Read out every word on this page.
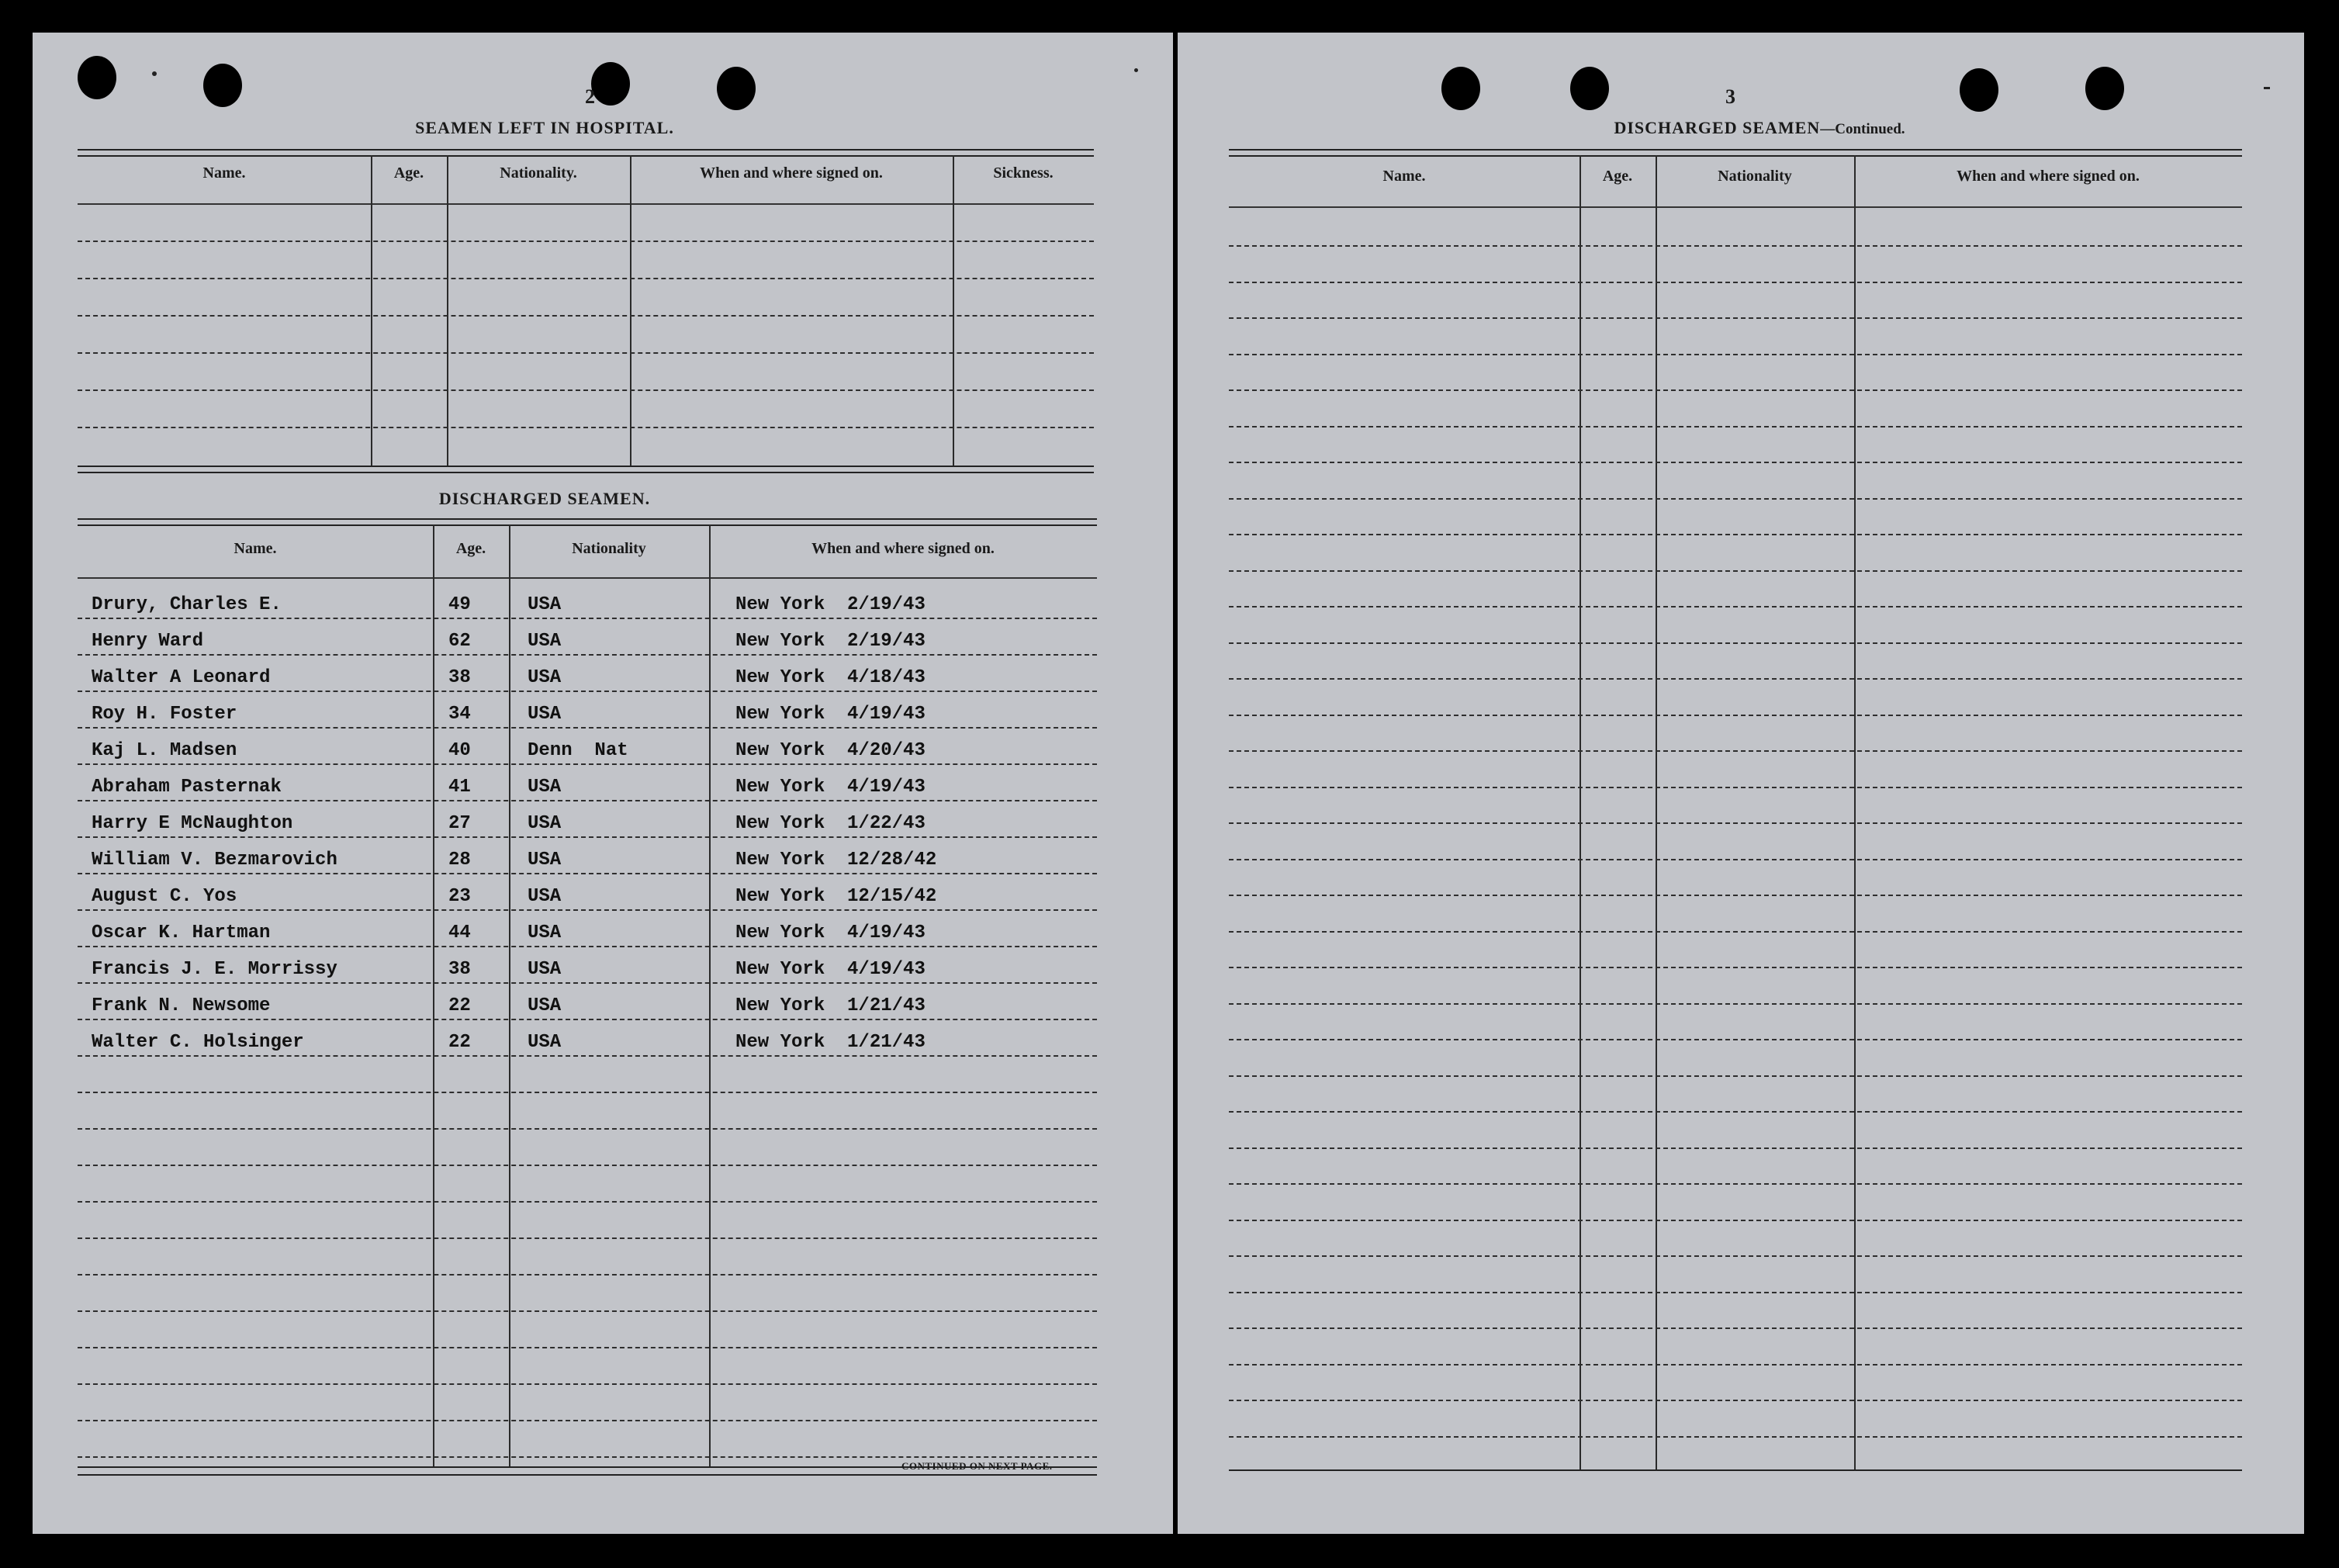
2
SEAMEN LEFT IN HOSPITAL.
Name.	Age.	Nationality.	When and where signed on.	Sickness.
DISCHARGED SEAMEN.
Name.	Age.	Nationality	When and where signed on.
Drury, Charles E.	49	USA	New York  2/19/43
Henry Ward	62	USA	New York  2/19/43
Walter A Leonard	38	USA	New York  4/18/43
Roy H. Foster	34	USA	New York  4/19/43
Kaj L. Madsen	40	Denn  Nat	New York  4/20/43
Abraham Pasternak	41	USA	New York  4/19/43
Harry E McNaughton	27	USA	New York  1/22/43
William V. Bezmarovich	28	USA	New York  12/28/42
August C. Yos	23	USA	New York  12/15/42
Oscar K. Hartman	44	USA	New York  4/19/43
Francis J. E. Morrissy	38	USA	New York  4/19/43
Frank N. Newsome	22	USA	New York  1/21/43
Walter C. Holsinger	22	USA	New York  1/21/43
CONTINUED ON NEXT PAGE.
3
DISCHARGED SEAMEN—Continued.
Name.	Age.	Nationality	When and where signed on.
